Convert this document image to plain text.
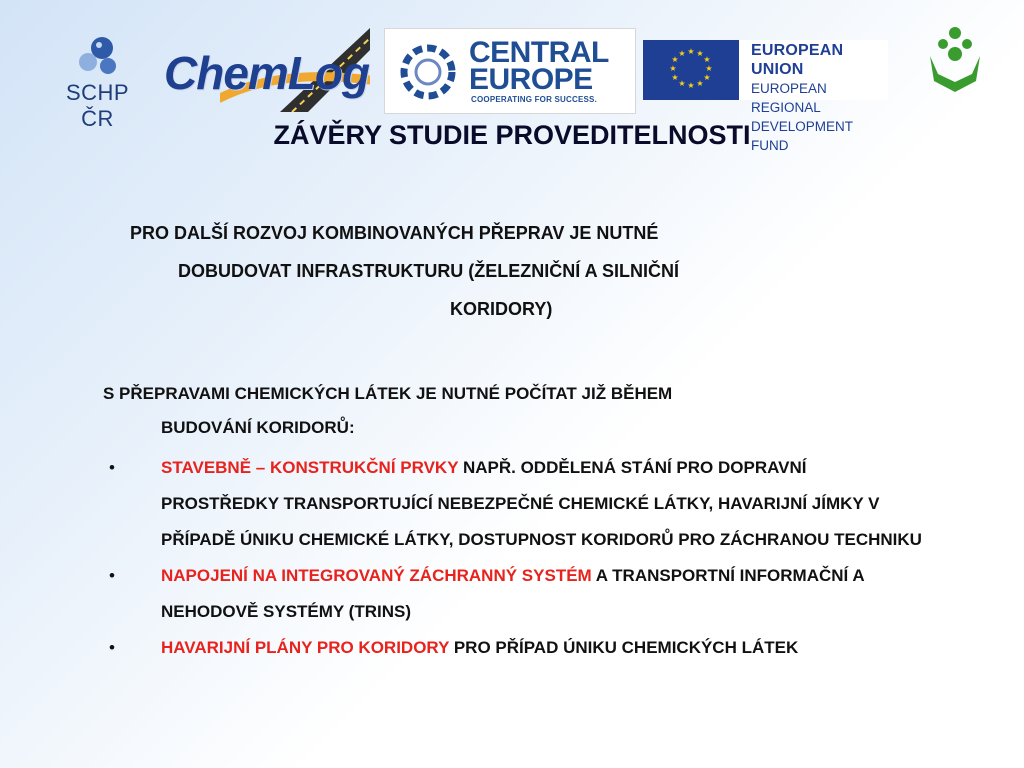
SCHP ČR
ChemLog	CENTRAL
EUROPE
COOPERATING FOR SUCCESS.
★ ★
★
★
★
★
★
★
★
★
★
★	EUROPEAN UNION
EUROPEAN REGIONAL
DEVELOPMENT FUND
ZÁVĚRY STUDIE PROVEDITELNOSTI
PRO DALŠÍ ROZVOJ KOMBINOVANÝCH PŘEPRAV JE NUTNÉ
DOBUDOVAT INFRASTRUKTURU (ŽELEZNIČNÍ A SILNIČNÍ
KORIDORY)
S PŘEPRAVAMI CHEMICKÝCH LÁTEK JE NUTNÉ POČÍTAT JIŽ BĚHEM
BUDOVÁNÍ KORIDORŮ:
•	STAVEBNĚ – KONSTRUKČNÍ PRVKY NAPŘ. ODDĚLENÁ STÁNÍ PRO DOPRAVNÍ PROSTŘEDKY TRANSPORTUJÍCÍ NEBEZPEČNÉ CHEMICKÉ LÁTKY, HAVARIJNÍ JÍMKY V PŘÍPADĚ ÚNIKU CHEMICKÉ LÁTKY, DOSTUPNOST KORIDORŮ PRO ZÁCHRANOU TECHNIKU
•	NAPOJENÍ NA INTEGROVANÝ ZÁCHRANNÝ SYSTÉM A TRANSPORTNÍ INFORMAČNÍ A NEHODOVĚ SYSTÉMY (TRINS)
•	HAVARIJNÍ PLÁNY PRO KORIDORY PRO PŘÍPAD ÚNIKU CHEMICKÝCH LÁTEK
